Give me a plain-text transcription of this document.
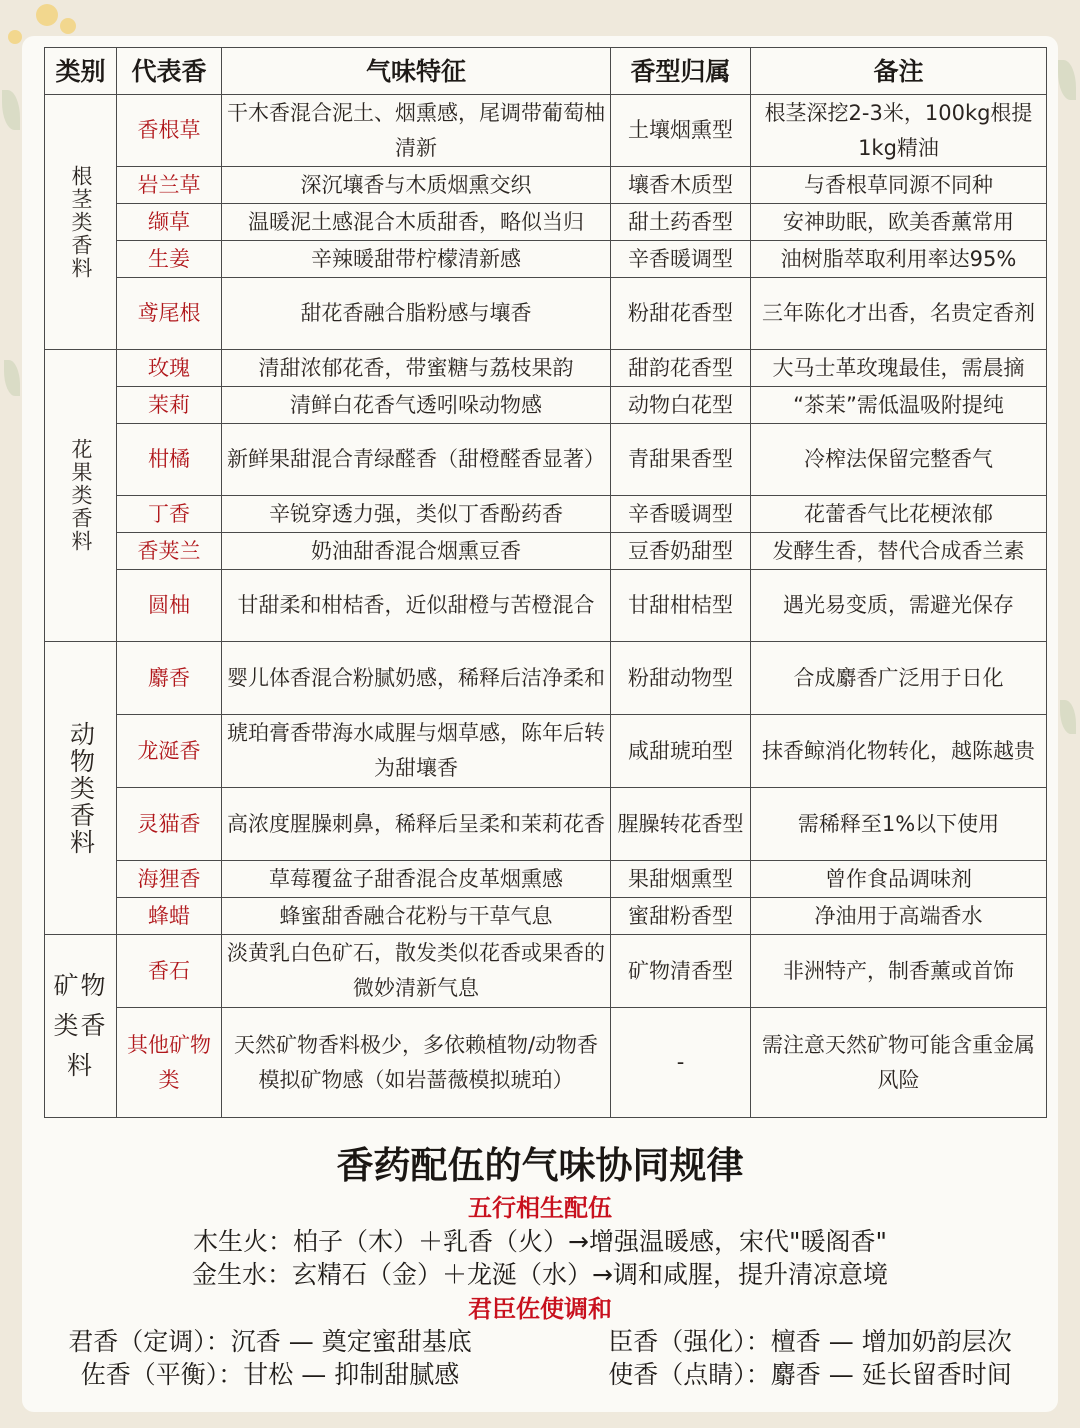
类别	代表香	气味特征	香型归属	备注
根茎类香料	香根草	干木香混合泥土、烟熏感，尾调带葡萄柚清新	土壤烟熏型	根茎深挖2-3米，100kg根提1kg精油
	岩兰草	深沉壤香与木质烟熏交织	壤香木质型	与香根草同源不同种
	缬草	温暖泥土感混合木质甜香，略似当归	甜土药香型	安神助眠，欧美香薰常用
	生姜	辛辣暖甜带柠檬清新感	辛香暖调型	油树脂萃取利用率达95%
	鸢尾根	甜花香融合脂粉感与壤香	粉甜花香型	三年陈化才出香，名贵定香剂
花果类香料	玫瑰	清甜浓郁花香，带蜜糖与荔枝果韵	甜韵花香型	大马士革玫瑰最佳，需晨摘
	茉莉	清鲜白花香气透吲哚动物感	动物白花型	“茶茉”需低温吸附提纯
	柑橘	新鲜果甜混合青绿醛香（甜橙醛香显著）	青甜果香型	冷榨法保留完整香气
	丁香	辛锐穿透力强，类似丁香酚药香	辛香暖调型	花蕾香气比花梗浓郁
	香荚兰	奶油甜香混合烟熏豆香	豆香奶甜型	发酵生香，替代合成香兰素
	圆柚	甘甜柔和柑桔香，近似甜橙与苦橙混合	甘甜柑桔型	遇光易变质，需避光保存
动物类香料	麝香	婴儿体香混合粉腻奶感，稀释后洁净柔和	粉甜动物型	合成麝香广泛用于日化
	龙涎香	琥珀膏香带海水咸腥与烟草感，陈年后转为甜壤香	咸甜琥珀型	抹香鲸消化物转化，越陈越贵
	灵猫香	高浓度腥臊刺鼻，稀释后呈柔和茉莉花香	腥臊转花香型	需稀释至1%以下使用
	海狸香	草莓覆盆子甜香混合皮革烟熏感	果甜烟熏型	曾作食品调味剂
	蜂蜡	蜂蜜甜香融合花粉与干草气息	蜜甜粉香型	净油用于高端香水
矿物类香料	香石	淡黄乳白色矿石，散发类似花香或果香的微妙清新气息	矿物清香型	非洲特产，制香薰或首饰
	其他矿物类	天然矿物香料极少，多依赖植物/动物香模拟矿物感（如岩蔷薇模拟琥珀）	-	需注意天然矿物可能含重金属风险
香药配伍的气味协同规律
五行相生配伍
木生火：柏子（木）＋乳香（火）→增强温暖感，宋代"暖阁香"
金生水：玄精石（金）＋龙涎（水）→调和咸腥，提升清凉意境
君臣佐使调和
君香（定调）：沉香 — 奠定蜜甜基底	臣香（强化）：檀香 — 增加奶韵层次
佐香（平衡）：甘松 — 抑制甜腻感	使香（点睛）：麝香 — 延长留香时间
